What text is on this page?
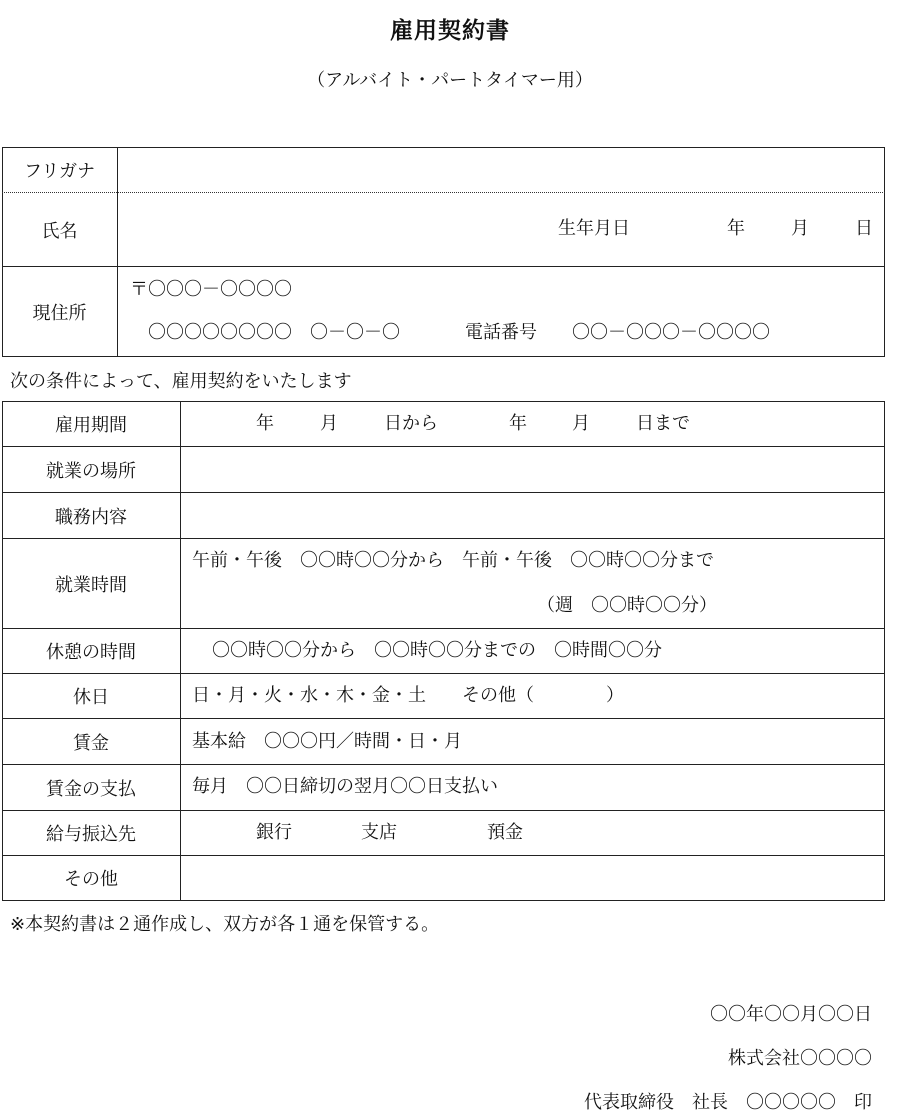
雇用契約書
（アルバイト・パートタイマー用）
フリガナ
氏名	生年月日	年	月	日
現住所
〒〇〇〇－〇〇〇〇
〇〇〇〇〇〇〇〇　〇－〇－〇	電話番号 〇〇－〇〇〇－〇〇〇〇
次の条件によって、雇用契約をいたします
雇用期間	年	月	日から	年	月	日まで
就業の場所
職務内容
就業時間
午前・午後　〇〇時〇〇分から　午前・午後　〇〇時〇〇分まで
（週　〇〇時〇〇分）
休憩の時間	〇〇時〇〇分から　〇〇時〇〇分までの　〇時間〇〇分
休日	日・月・火・水・木・金・土　　その他（　　　　）
賃金	基本給　〇〇〇円／時間・日・月
賃金の支払	毎月　〇〇日締切の翌月〇〇日支払い
給与振込先	銀行	支店	預金
その他
※本契約書は２通作成し、双方が各１通を保管する。
〇〇年〇〇月〇〇日
株式会社〇〇〇〇
代表取締役　社長　〇〇〇〇〇　印
